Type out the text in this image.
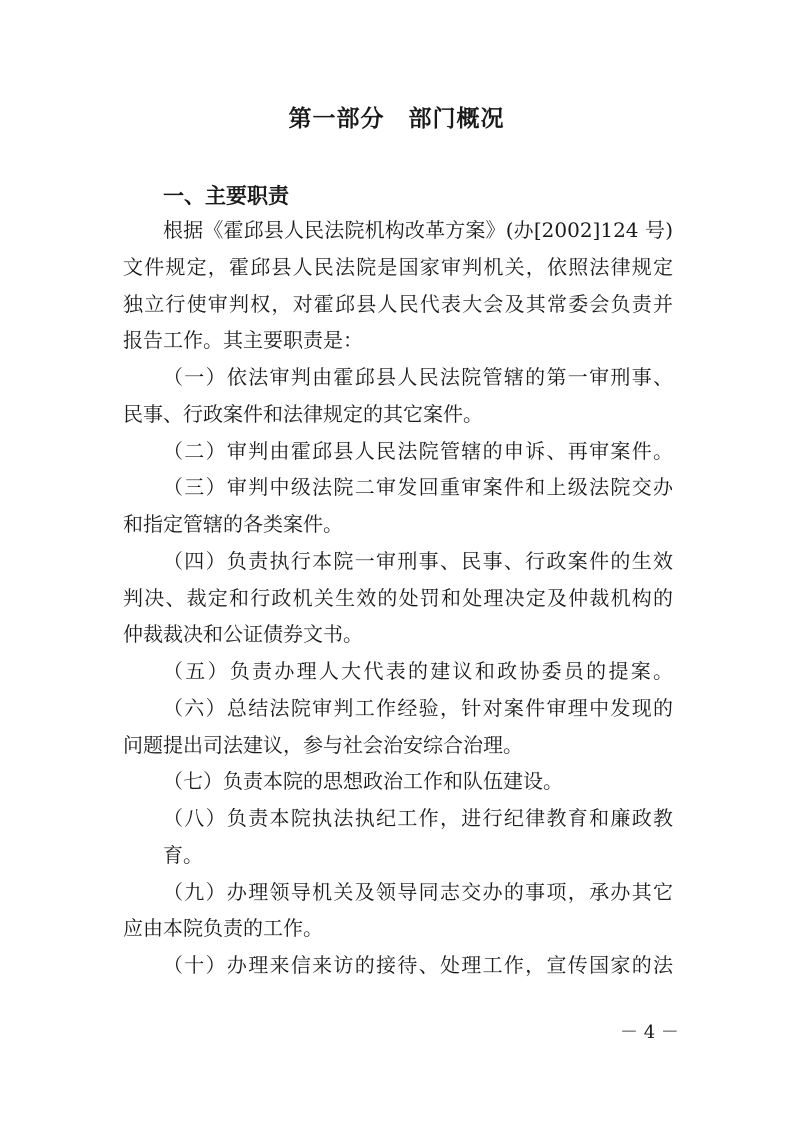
第一部分　部门概况
一、主要职责
根据《霍邱县人民法院机构改革方案》(办[2002]124 号)
文件规定，霍邱县人民法院是国家审判机关，依照法律规定
独立行使审判权，对霍邱县人民代表大会及其常委会负责并
报告工作。其主要职责是：
（一）依法审判由霍邱县人民法院管辖的第一审刑事、
民事、行政案件和法律规定的其它案件。
（二）审判由霍邱县人民法院管辖的申诉、再审案件。
（三）审判中级法院二审发回重审案件和上级法院交办
和指定管辖的各类案件。
（四）负责执行本院一审刑事、民事、行政案件的生效
判决、裁定和行政机关生效的处罚和处理决定及仲裁机构的
仲裁裁决和公证债券文书。
（五）负责办理人大代表的建议和政协委员的提案。
（六）总结法院审判工作经验，针对案件审理中发现的
问题提出司法建议，参与社会治安综合治理。
（七）负责本院的思想政治工作和队伍建设。
（八）负责本院执法执纪工作，进行纪律教育和廉政教
育。
（九）办理领导机关及领导同志交办的事项，承办其它
应由本院负责的工作。
（十）办理来信来访的接待、处理工作，宣传国家的法
－ 4 －
